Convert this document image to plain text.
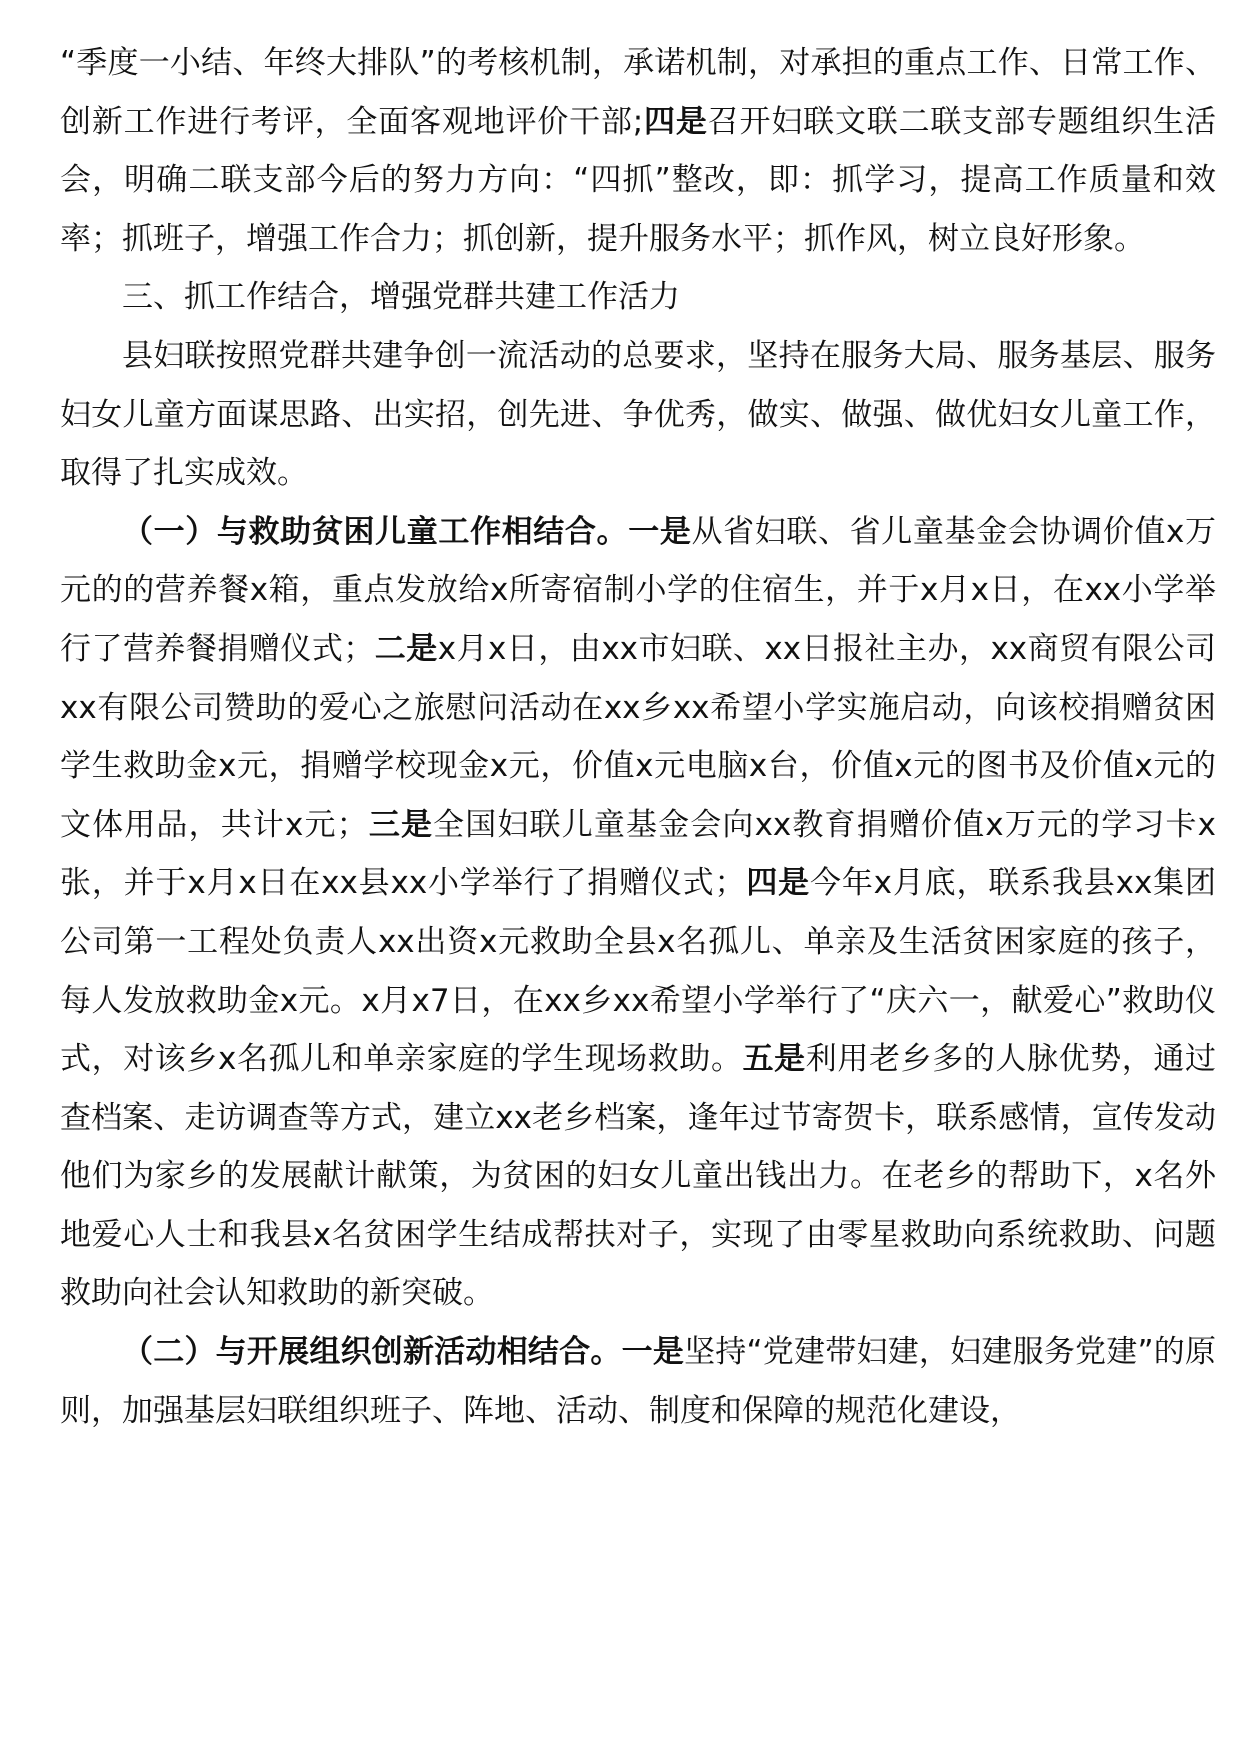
“季度一小结、年终大排队”的考核机制，承诺机制，对承担的重点工作、日常工作、创新工作进行考评，全面客观地评价干部;四是召开妇联文联二联支部专题组织生活会，明确二联支部今后的努力方向：“四抓”整改，即：抓学习，提高工作质量和效率；抓班子，增强工作合力；抓创新，提升服务水平；抓作风，树立良好形象。

三、抓工作结合，增强党群共建工作活力

县妇联按照党群共建争创一流活动的总要求，坚持在服务大局、服务基层、服务妇女儿童方面谋思路、出实招，创先进、争优秀，做实、做强、做优妇女儿童工作，取得了扎实成效。

（一）与救助贫困儿童工作相结合。一是从省妇联、省儿童基金会协调价值x万元的的营养餐x箱，重点发放给x所寄宿制小学的住宿生，并于x月x日，在xx小学举行了营养餐捐赠仪式；二是x月x日，由xx市妇联、xx日报社主办，xx商贸有限公司xx有限公司赞助的爱心之旅慰问活动在xx乡xx希望小学实施启动，向该校捐赠贫困学生救助金x元，捐赠学校现金x元，价值x元电脑x台，价值x元的图书及价值x元的文体用品，共计x元；三是全国妇联儿童基金会向xx教育捐赠价值x万元的学习卡x张，并于x月x日在xx县xx小学举行了捐赠仪式；四是今年x月底，联系我县xx集团公司第一工程处负责人xx出资x元救助全县x名孤儿、单亲及生活贫困家庭的孩子，每人发放救助金x元。x月x7日，在xx乡xx希望小学举行了“庆六一，献爱心”救助仪式，对该乡x名孤儿和单亲家庭的学生现场救助。五是利用老乡多的人脉优势，通过查档案、走访调查等方式，建立xx老乡档案，逢年过节寄贺卡，联系感情，宣传发动他们为家乡的发展献计献策，为贫困的妇女儿童出钱出力。在老乡的帮助下，x名外地爱心人士和我县x名贫困学生结成帮扶对子，实现了由零星救助向系统救助、问题救助向社会认知救助的新突破。

（二）与开展组织创新活动相结合。一是坚持“党建带妇建，妇建服务党建”的原则，加强基层妇联组织班子、阵地、活动、制度和保障的规范化建设，
